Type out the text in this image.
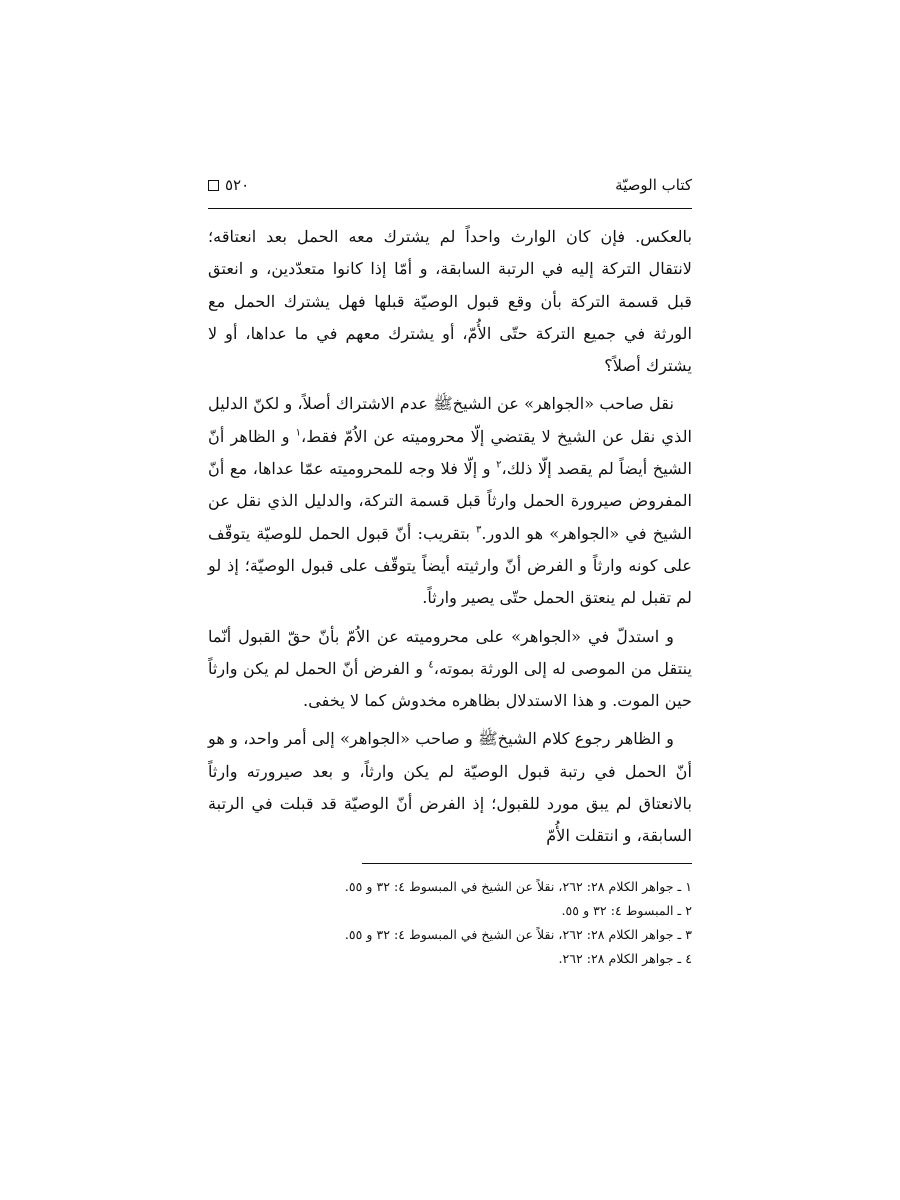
كتاب الوصيّة
٥٢٠

بالعكس. فإن كان الوارث واحداً لم يشترك معه الحمل بعد انعتاقه؛ لانتقال التركة إليه في الرتبة السابقة، و أمّا إذا كانوا متعدّدين، و انعتق قبل قسمة التركة بأن وقع قبول الوصيّة قبلها فهل يشترك الحمل مع الورثة في جميع التركة حتّى الأُمّ، أو يشترك معهم في ما عداها، أو لا يشترك أصلاً؟

نقل صاحب «الجواهر» عن الشيخ‏ﷺ عدم الاشتراك أصلاً، و لكنّ الدليل الذي نقل عن الشيخ لا يقتضي إلّا محروميته عن الاُمّ فقط،$^١$ و الظاهر أنّ الشيخ أيضاً لم يقصد إلّا ذلك،$^٢$ و إلّا فلا وجه للمحروميته عمّا عداها، مع أنّ المفروض صيرورة الحمل وارثاً قبل قسمة التركة، والدليل الذي نقل عن الشيخ في «الجواهر» هو الدور.$^٣$ بتقريب: أنّ قبول الحمل للوصيّة يتوقّف على كونه وارثاً و الفرض أنّ وارثيته أيضاً يتوقّف على قبول الوصيّة؛ إذ لو لم تقبل لم ينعتق الحمل حتّى يصير وارثاً.

و استدلّ في «الجواهر» على محروميته عن الاُمّ بأنّ حقّ القبول أنّما ينتقل من الموصى له إلى الورثة بموته،$^٤$ و الفرض أنّ الحمل لم يكن وارثاً حين الموت. و هذا الاستدلال بظاهره مخدوش كما لا يخفى.

و الظاهر رجوع كلام الشيخ‏ﷺ و صاحب «الجواهر» إلى أمر واحد، و هو أنّ الحمل في رتبة قبول الوصيّة لم يكن وارثاً، و بعد صيرورته وارثاً بالانعتاق لم يبق مورد للقبول؛ إذ الفرض أنّ الوصيّة قد قبلت في الرتبة السابقة، و انتقلت الأُمّ

١ ـ جواهر الكلام ٢٨: ٢٦٢، نقلاً عن الشيخ في المبسوط ٤: ٣٢ و ٥٥.

٢ ـ المبسوط ٤: ٣٢ و ٥٥.

٣ ـ جواهر الكلام ٢٨: ٢٦٢، نقلاً عن الشيخ في المبسوط ٤: ٣٢ و ٥٥.

٤ ـ جواهر الكلام ٢٨: ٢٦٢.
